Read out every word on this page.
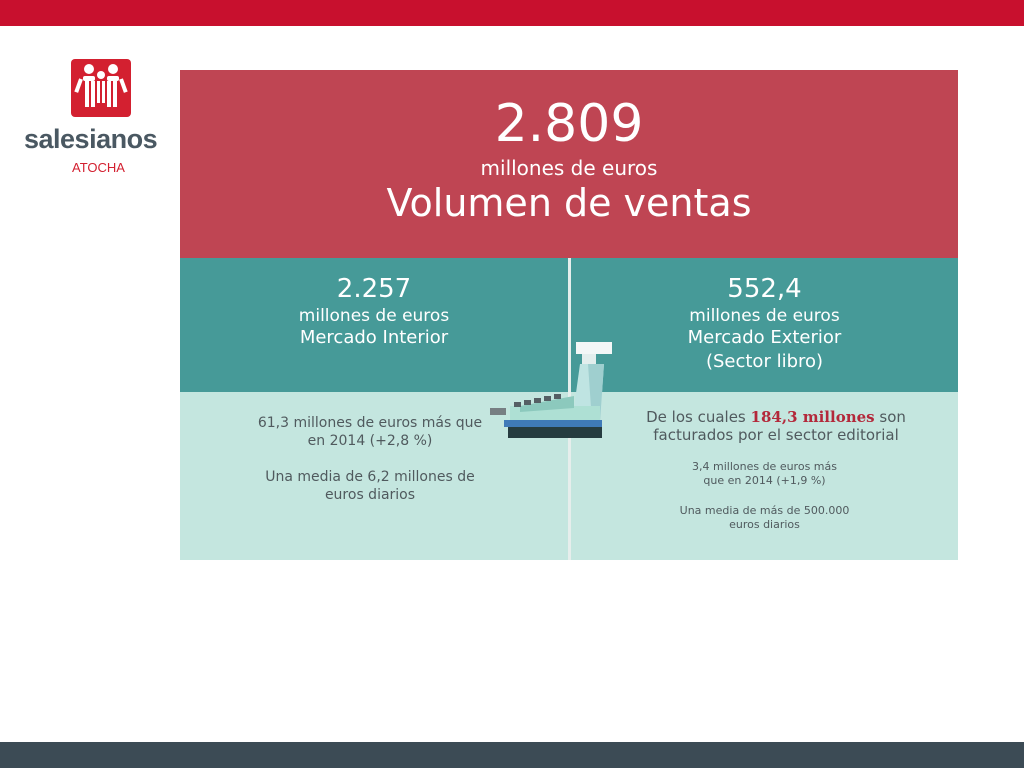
salesianos
ATOCHA
2.809
millones de euros
Volumen de ventas
2.257
millones de euros
Mercado Interior
552,4
millones de euros
Mercado Exterior
(Sector libro)
61,3 millones de euros más que en 2014 (+2,8 %)
Una media de 6,2 millones de euros diarios
De los cuales 184,3 millones son facturados por el sector editorial
3,4 millones de euros más que en 2014 (+1,9 %)
Una media de más de 500.000 euros diarios
